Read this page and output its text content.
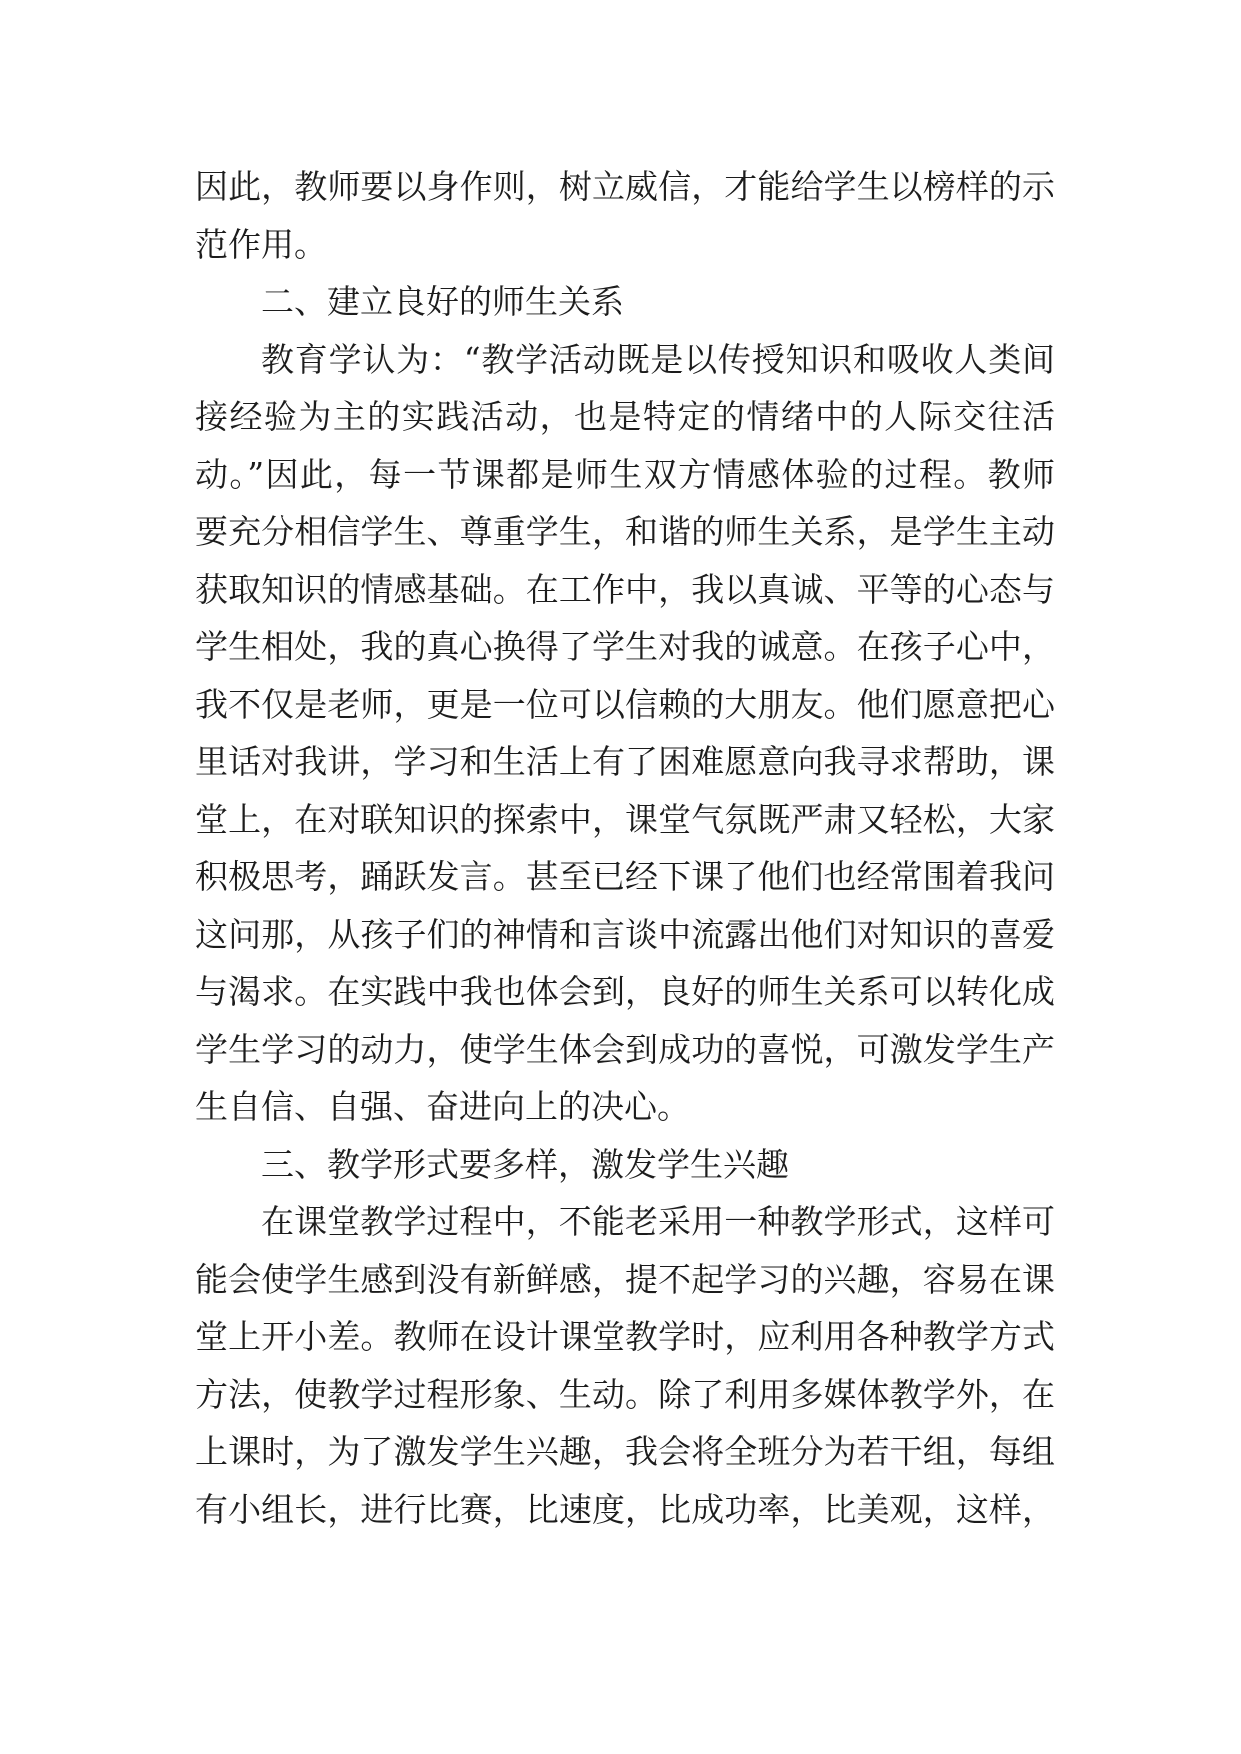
因此，教师要以身作则，树立威信，才能给学生以榜样的示
范作用。
二、建立良好的师生关系
教育学认为：“教学活动既是以传授知识和吸收人类间
接经验为主的实践活动，也是特定的情绪中的人际交往活
动。”因此，每一节课都是师生双方情感体验的过程。教师
要充分相信学生、尊重学生，和谐的师生关系，是学生主动
获取知识的情感基础。在工作中，我以真诚、平等的心态与
学生相处，我的真心换得了学生对我的诚意。在孩子心中，
我不仅是老师，更是一位可以信赖的大朋友。他们愿意把心
里话对我讲，学习和生活上有了困难愿意向我寻求帮助，课
堂上，在对联知识的探索中，课堂气氛既严肃又轻松，大家
积极思考，踊跃发言。甚至已经下课了他们也经常围着我问
这问那，从孩子们的神情和言谈中流露出他们对知识的喜爱
与渴求。在实践中我也体会到，良好的师生关系可以转化成
学生学习的动力，使学生体会到成功的喜悦，可激发学生产
生自信、自强、奋进向上的决心。
三、教学形式要多样，激发学生兴趣
在课堂教学过程中，不能老采用一种教学形式，这样可
能会使学生感到没有新鲜感，提不起学习的兴趣，容易在课
堂上开小差。教师在设计课堂教学时，应利用各种教学方式
方法，使教学过程形象、生动。除了利用多媒体教学外，在
上课时，为了激发学生兴趣，我会将全班分为若干组，每组
有小组长，进行比赛，比速度，比成功率，比美观，这样，
